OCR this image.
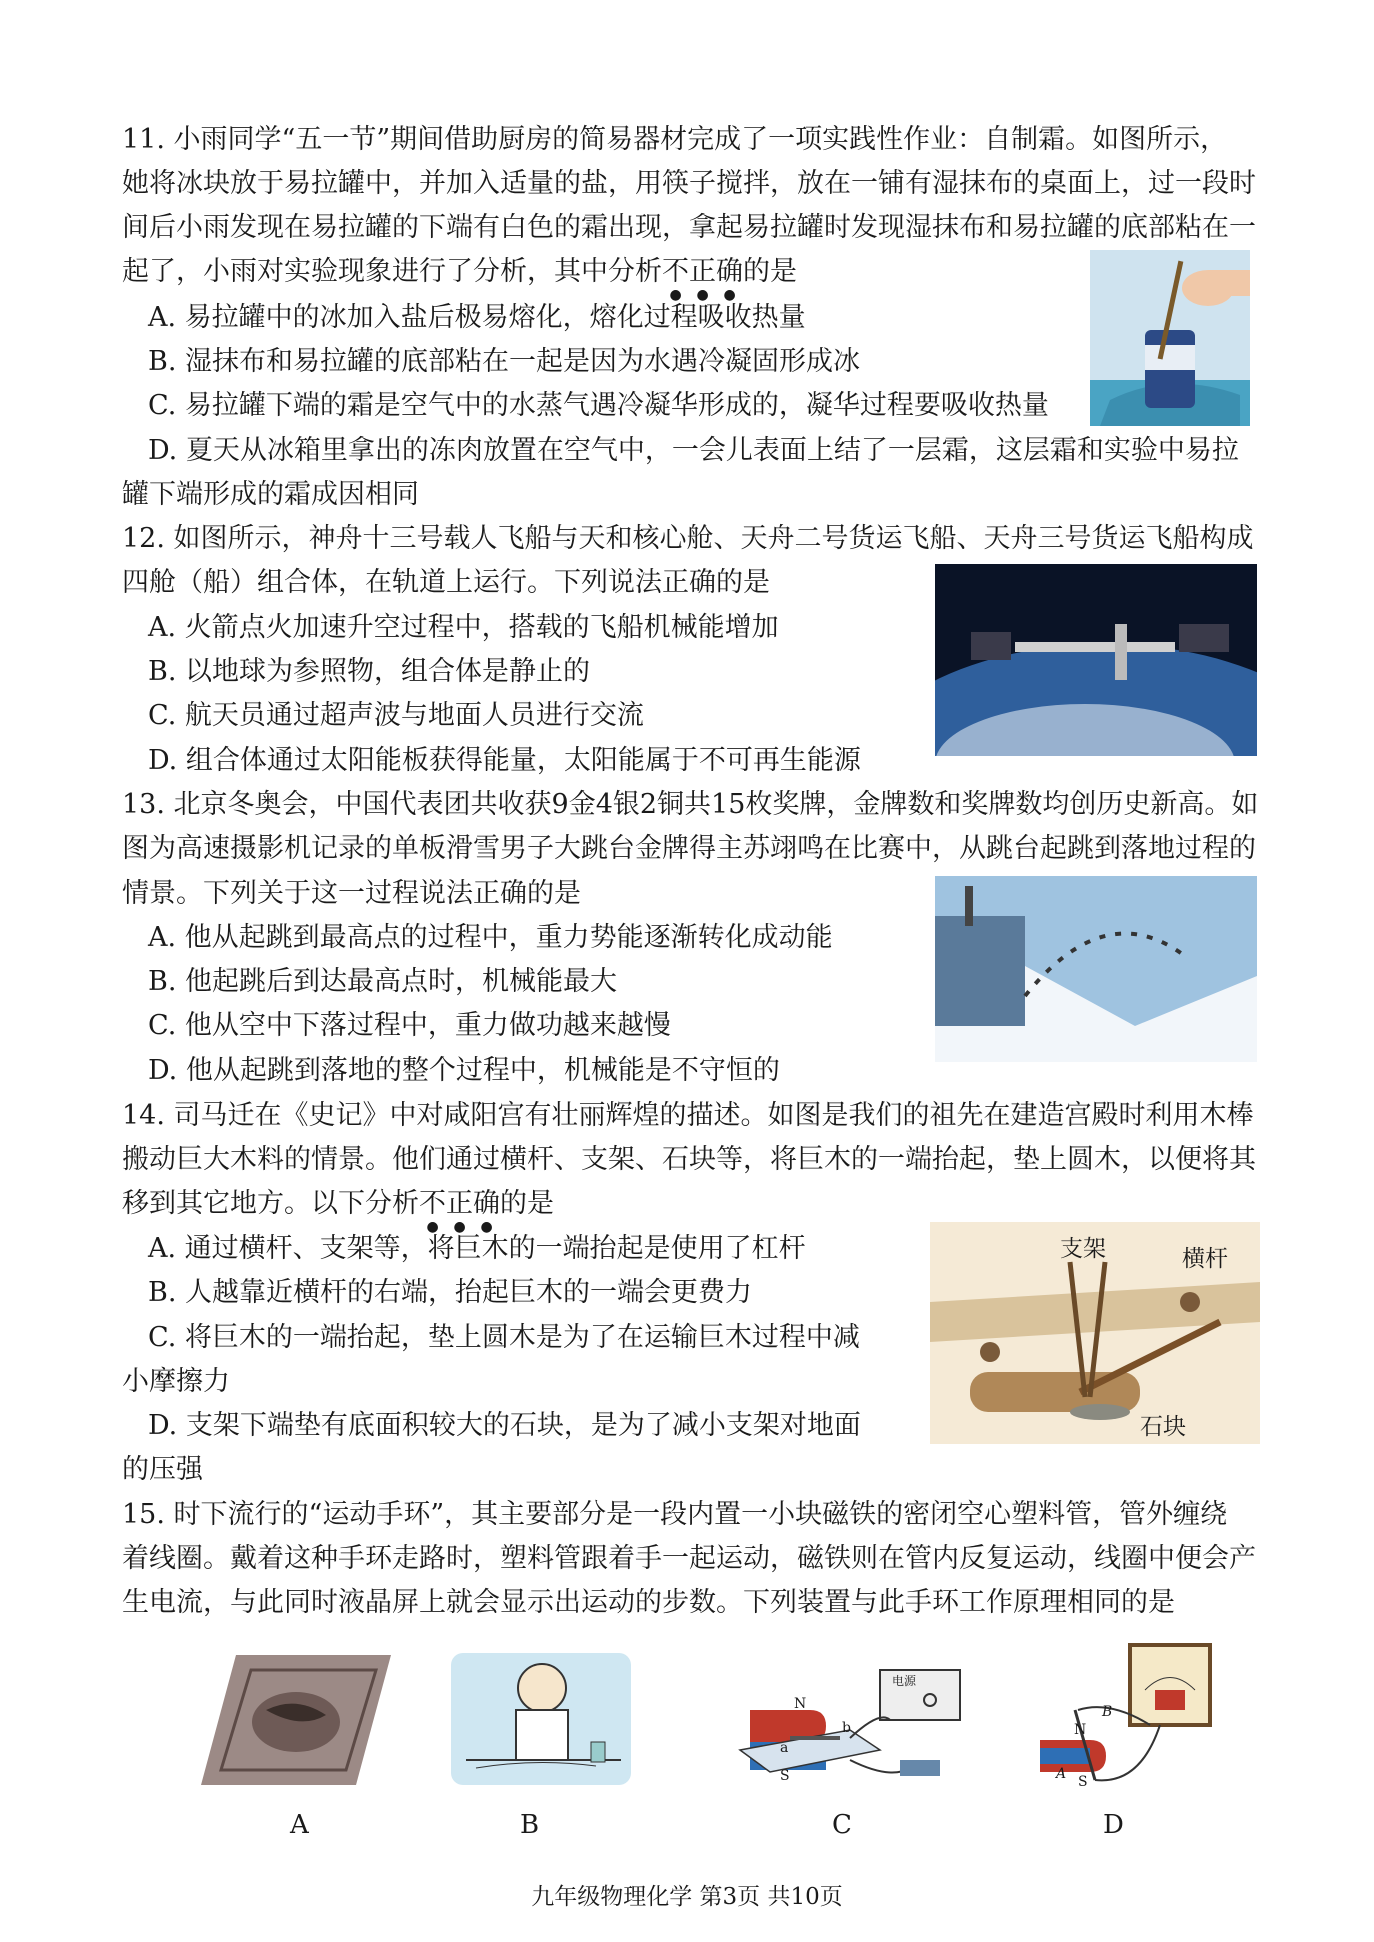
11. 小雨同学“五一节”期间借助厨房的简易器材完成了一项实践性作业：自制霜。如图所示，
她将冰块放于易拉罐中，并加入适量的盐，用筷子搅拌，放在一铺有湿抹布的桌面上，过一段时
间后小雨发现在易拉罐的下端有白色的霜出现，拿起易拉罐时发现湿抹布和易拉罐的底部粘在一
起了，小雨对实验现象进行了分析，其中分析不正确的是
A. 易拉罐中的冰加入盐后极易熔化，熔化过程吸收热量
B. 湿抹布和易拉罐的底部粘在一起是因为水遇冷凝固形成冰
C. 易拉罐下端的霜是空气中的水蒸气遇冷凝华形成的，凝华过程要吸收热量
D. 夏天从冰箱里拿出的冻肉放置在空气中，一会儿表面上结了一层霜，这层霜和实验中易拉
罐下端形成的霜成因相同
12. 如图所示，神舟十三号载人飞船与天和核心舱、天舟二号货运飞船、天舟三号货运飞船构成
四舱（船）组合体，在轨道上运行。下列说法正确的是
A. 火箭点火加速升空过程中，搭载的飞船机械能增加
B. 以地球为参照物，组合体是静止的
C. 航天员通过超声波与地面人员进行交流
D. 组合体通过太阳能板获得能量，太阳能属于不可再生能源
13. 北京冬奥会，中国代表团共收获9金4银2铜共15枚奖牌，金牌数和奖牌数均创历史新高。如
图为高速摄影机记录的单板滑雪男子大跳台金牌得主苏翊鸣在比赛中，从跳台起跳到落地过程的
情景。下列关于这一过程说法正确的是
A. 他从起跳到最高点的过程中，重力势能逐渐转化成动能
B. 他起跳后到达最高点时，机械能最大
C. 他从空中下落过程中，重力做功越来越慢
D. 他从起跳到落地的整个过程中，机械能是不守恒的
14. 司马迁在《史记》中对咸阳宫有壮丽辉煌的描述。如图是我们的祖先在建造宫殿时利用木棒
搬动巨大木料的情景。他们通过横杆、支架、石块等，将巨木的一端抬起，垫上圆木，以便将其
移到其它地方。以下分析不正确的是
A. 通过横杆、支架等，将巨木的一端抬起是使用了杠杆
B. 人越靠近横杆的右端，抬起巨木的一端会更费力
C. 将巨木的一端抬起，垫上圆木是为了在运输巨木过程中减
小摩擦力
D. 支架下端垫有底面积较大的石块，是为了减小支架对地面
的压强
支架	横杆
石块
15. 时下流行的“运动手环”，其主要部分是一段内置一小块磁铁的密闭空心塑料管，管外缠绕
着线圈。戴着这种手环走路时，塑料管跟着手一起运动，磁铁则在管内反复运动，线圈中便会产
生电流，与此同时液晶屏上就会显示出运动的步数。下列装置与此手环工作原理相同的是
N
S
电源
b
a
N
S
B
A
A	B	C	D
九年级物理化学 第3页 共10页
